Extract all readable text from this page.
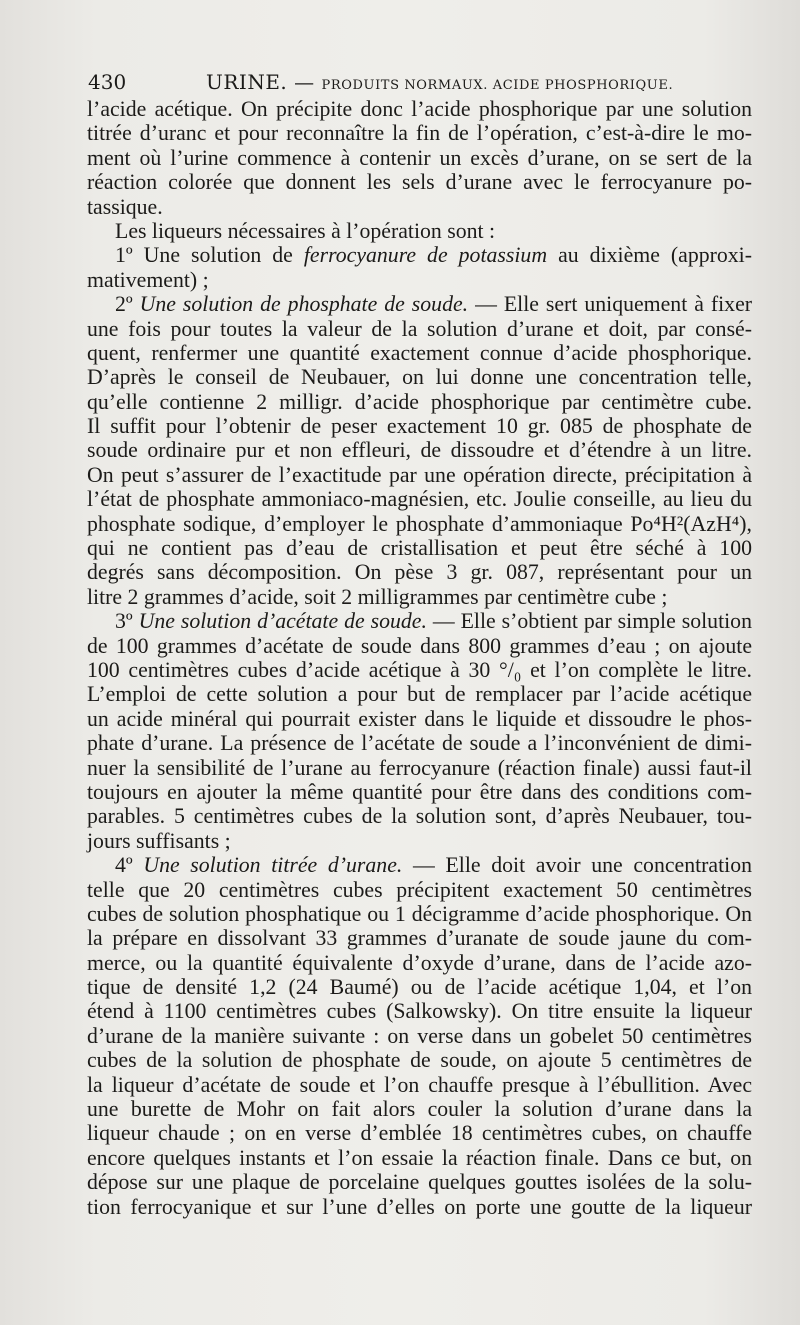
430	URINE. — PRODUITS NORMAUX. ACIDE PHOSPHORIQUE.
l’acide acétique. On précipite donc l’acide phosphorique par une solution
titrée d’uranc et pour reconnaître la fin de l’opération, c’est-à-dire le mo-
ment où l’urine commence à contenir un excès d’urane, on se sert de la
réaction colorée que donnent les sels d’urane avec le ferrocyanure po-
tassique.
Les liqueurs nécessaires à l’opération sont :
1º Une solution de ferrocyanure de potassium au dixième (approxi-
mativement) ;
2º Une solution de phosphate de soude. — Elle sert uniquement à fixer
une fois pour toutes la valeur de la solution d’urane et doit, par consé-
quent, renfermer une quantité exactement connue d’acide phosphorique.
D’après le conseil de Neubauer, on lui donne une concentration telle,
qu’elle contienne 2 milligr. d’acide phosphorique par centimètre cube.
Il suffit pour l’obtenir de peser exactement 10 gr. 085 de phosphate de
soude ordinaire pur et non effleuri, de dissoudre et d’étendre à un litre.
On peut s’assurer de l’exactitude par une opération directe, précipitation à
l’état de phosphate ammoniaco-magnésien, etc. Joulie conseille, au lieu du
phosphate sodique, d’employer le phosphate d’ammoniaque Po⁴H²(AzH⁴),
qui ne contient pas d’eau de cristallisation et peut être séché à 100
degrés sans décomposition. On pèse 3 gr. 087, représentant pour un
litre 2 grammes d’acide, soit 2 milligrammes par centimètre cube ;
3º Une solution d’acétate de soude. — Elle s’obtient par simple solution
de 100 grammes d’acétate de soude dans 800 grammes d’eau ; on ajoute
100 centimètres cubes d’acide acétique à 30 °/₀ et l’on complète le litre.
L’emploi de cette solution a pour but de remplacer par l’acide acétique
un acide minéral qui pourrait exister dans le liquide et dissoudre le phos-
phate d’urane. La présence de l’acétate de soude a l’inconvénient de dimi-
nuer la sensibilité de l’urane au ferrocyanure (réaction finale) aussi faut-il
toujours en ajouter la même quantité pour être dans des conditions com-
parables. 5 centimètres cubes de la solution sont, d’après Neubauer, tou-
jours suffisants ;
4º Une solution titrée d’urane. — Elle doit avoir une concentration
telle que 20 centimètres cubes précipitent exactement 50 centimètres
cubes de solution phosphatique ou 1 décigramme d’acide phosphorique. On
la prépare en dissolvant 33 grammes d’uranate de soude jaune du com-
merce, ou la quantité équivalente d’oxyde d’urane, dans de l’acide azo-
tique de densité 1,2 (24 Baumé) ou de l’acide acétique 1,04, et l’on
étend à 1100 centimètres cubes (Salkowsky). On titre ensuite la liqueur
d’urane de la manière suivante : on verse dans un gobelet 50 centimètres
cubes de la solution de phosphate de soude, on ajoute 5 centimètres de
la liqueur d’acétate de soude et l’on chauffe presque à l’ébullition. Avec
une burette de Mohr on fait alors couler la solution d’urane dans la
liqueur chaude ; on en verse d’emblée 18 centimètres cubes, on chauffe
encore quelques instants et l’on essaie la réaction finale. Dans ce but, on
dépose sur une plaque de porcelaine quelques gouttes isolées de la solu-
tion ferrocyanique et sur l’une d’elles on porte une goutte de la liqueur
